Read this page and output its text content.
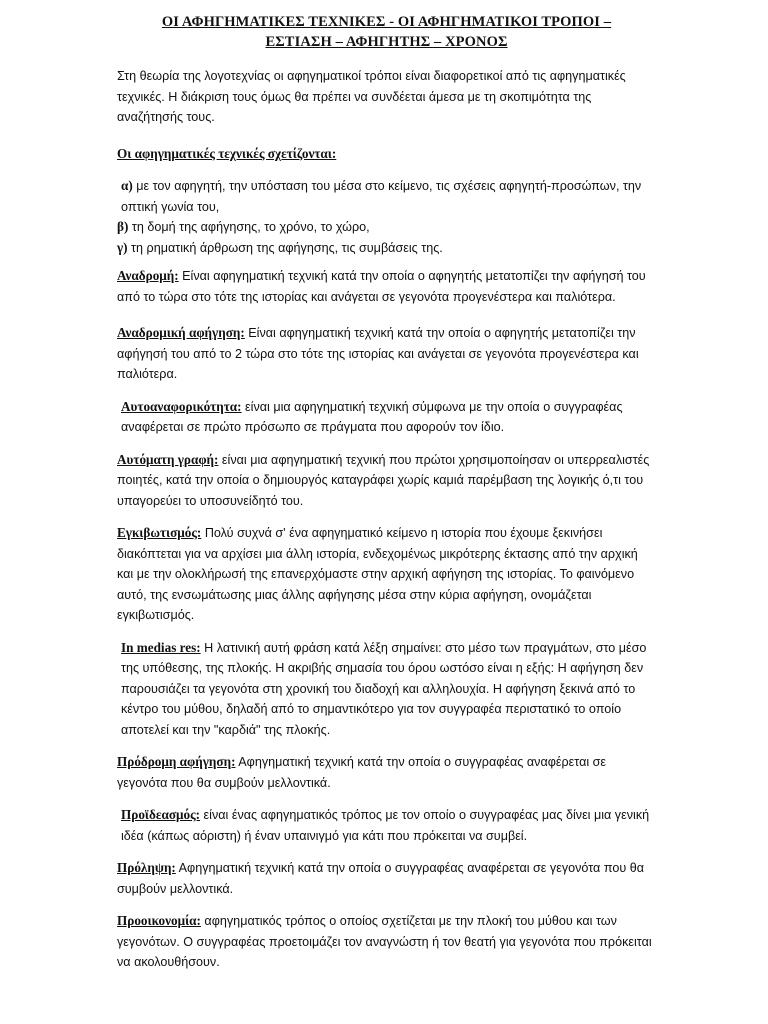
ΟΙ ΑΦΗΓΗΜΑΤΙΚΕΣ ΤΕΧΝΙΚΕΣ - ΟΙ ΑΦΗΓΗΜΑΤΙΚΟΙ ΤΡΟΠΟΙ –
ΕΣΤΙΑΣΗ – ΑΦΗΓΗΤΗΣ – ΧΡΟΝΟΣ

Στη θεωρία της λογοτεχνίας οι αφηγηματικοί τρόποι είναι διαφορετικοί από τις αφηγηματικές τεχνικές. Η διάκριση τους όμως θα πρέπει να συνδέεται άμεσα με τη σκοπιμότητα της αναζήτησής τους.

Οι αφηγηματικές τεχνικές σχετίζονται:

α) με τον αφηγητή, την υπόσταση του μέσα στο κείμενο, τις σχέσεις αφηγητή-προσώπων, την οπτική γωνία του,

β) τη δομή της αφήγησης, το χρόνο, το χώρο,

γ) τη ρηματική άρθρωση της αφήγησης, τις συμβάσεις της.

Αναδρομή: Είναι αφηγηματική τεχνική κατά την οποία ο αφηγητής μετατοπίζει την αφήγησή του από το τώρα στο τότε της ιστορίας και ανάγεται σε γεγονότα προγενέστερα και παλιότερα.

Αναδρομική αφήγηση: Είναι αφηγηματική τεχνική κατά την οποία ο αφηγητής μετατοπίζει την αφήγησή του από το 2 τώρα στο τότε της ιστορίας και ανάγεται σε γεγονότα προγενέστερα και παλιότερα.

Αυτοαναφορικότητα: είναι μια αφηγηματική τεχνική σύμφωνα με την οποία ο συγγραφέας αναφέρεται σε πρώτο πρόσωπο σε πράγματα που αφορούν τον ίδιο.

Αυτόματη γραφή: είναι μια αφηγηματική τεχνική που πρώτοι χρησιμοποίησαν οι υπερρεαλιστές ποιητές, κατά την οποία ο δημιουργός καταγράφει χωρίς καμιά παρέμβαση της λογικής ό,τι του υπαγορεύει το υποσυνείδητό του.

Εγκιβωτισμός: Πολύ συχνά σ' ένα αφηγηματικό κείμενο η ιστορία που έχουμε ξεκινήσει διακόπτεται για να αρχίσει μια άλλη ιστορία, ενδεχομένως μικρότερης έκτασης από την αρχική και με την ολοκλήρωσή της επανερχόμαστε στην αρχική αφήγηση της ιστορίας. Το φαινόμενο αυτό, της ενσωμάτωσης μιας άλλης αφήγησης μέσα στην κύρια αφήγηση, ονομάζεται εγκιβωτισμός.

In medias res: Η λατινική αυτή φράση κατά λέξη σημαίνει: στο μέσο των πραγμάτων, στο μέσο της υπόθεσης, της πλοκής. Η ακριβής σημασία του όρου ωστόσο είναι η εξής: Η αφήγηση δεν παρουσιάζει τα γεγονότα στη χρονική του διαδοχή και αλληλουχία. Η αφήγηση ξεκινά από το κέντρο του μύθου, δηλαδή από το σημαντικότερο για τον συγγραφέα περιστατικό το οποίο αποτελεί και την "καρδιά" της πλοκής.

Πρόδρομη αφήγηση: Αφηγηματική τεχνική κατά την οποία ο συγγραφέας αναφέρεται σε γεγονότα που θα συμβούν μελλοντικά.

Προϊδεασμός: είναι ένας αφηγηματικός τρόπος με τον οποίο ο συγγραφέας μας δίνει μια γενική ιδέα (κάπως αόριστη) ή έναν υπαινιγμό για κάτι που πρόκειται να συμβεί.

Πρόληψη: Αφηγηματική τεχνική κατά την οποία ο συγγραφέας αναφέρεται σε γεγονότα που θα συμβούν μελλοντικά.

Προοικονομία: αφηγηματικός τρόπος ο οποίος σχετίζεται με την πλοκή του μύθου και των γεγονότων. Ο συγγραφέας προετοιμάζει τον αναγνώστη ή τον θεατή για γεγονότα που πρόκειται να ακολουθήσουν.
